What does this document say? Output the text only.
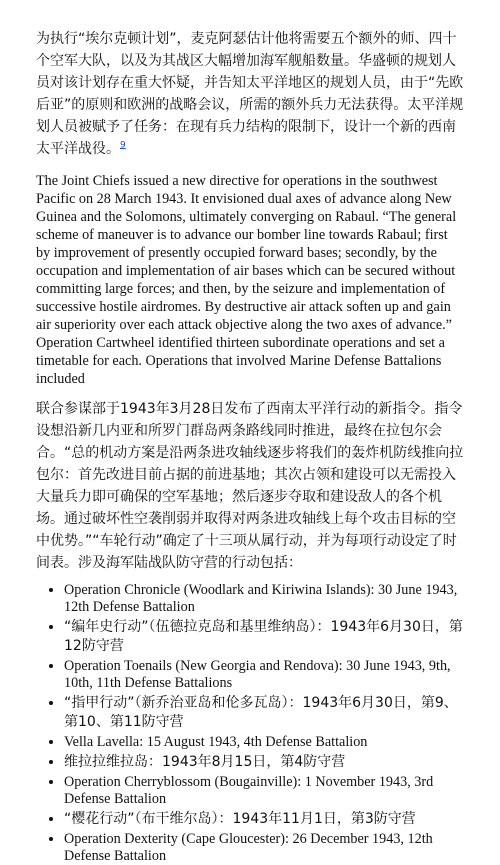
为执行“埃尔克顿计划”，麦克阿瑟估计他将需要五个额外的师、四十个空军大队，以及为其战区大幅增加海军舰船数量。华盛顿的规划人员对该计划存在重大怀疑，并告知太平洋地区的规划人员，由于“先欧后亚”的原则和欧洲的战略会议，所需的额外兵力无法获得。太平洋规划人员被赋予了任务：在现有兵力结构的限制下，设计一个新的西南太平洋战役。$^9$

The Joint Chiefs issued a new directive for operations in the southwest Pacific on 28 March 1943. It envisioned dual axes of advance along New Guinea and the Solomons, ultimately converging on Rabaul. “The general scheme of maneuver is to advance our bomber line towards Rabaul; first by improvement of presently occupied forward bases; secondly, by the occupation and implementation of air bases which can be secured without committing large forces; and then, by the seizure and implementation of successive hostile airdromes. By destructive air attack soften up and gain air superiority over each attack objective along the two axes of advance.” Operation Cartwheel identified thirteen subordinate operations and set a timetable for each. Operations that involved Marine Defense Battalions included

联合参谋部于1943年3月28日发布了西南太平洋行动的新指令。指令设想沿新几内亚和所罗门群岛两条路线同时推进，最终在拉包尔会合。“总的机动方案是沿两条进攻轴线逐步将我们的轰炸机防线推向拉包尔：首先改进目前占据的前进基地；其次占领和建设可以无需投入大量兵力即可确保的空军基地；然后逐步夺取和建设敌人的各个机场。通过破坏性空袭削弱并取得对两条进攻轴线上每个攻击目标的空中优势。”“车轮行动”确定了十三项从属行动，并为每项行动设定了时间表。涉及海军陆战队防守营的行动包括：

• Operation Chronicle (Woodlark and Kiriwina Islands): 30 June 1943, 12th Defense Battalion
• “编年史行动”（伍德拉克岛和基里维纳岛）：1943年6月30日，第12防守营
• Operation Toenails (New Georgia and Rendova): 30 June 1943, 9th, 10th, 11th Defense Battalions
• “指甲行动”（新乔治亚岛和伦多瓦岛）：1943年6月30日，第9、第10、第11防守营
• Vella Lavella: 15 August 1943, 4th Defense Battalion
• 维拉拉维拉岛：1943年8月15日，第4防守营
• Operation Cherryblossom (Bougainville): 1 November 1943, 3rd Defense Battalion
• “樱花行动”（布干维尔岛）：1943年11月1日，第3防守营
• Operation Dexterity (Cape Gloucester): 26 December 1943, 12th Defense Battalion
